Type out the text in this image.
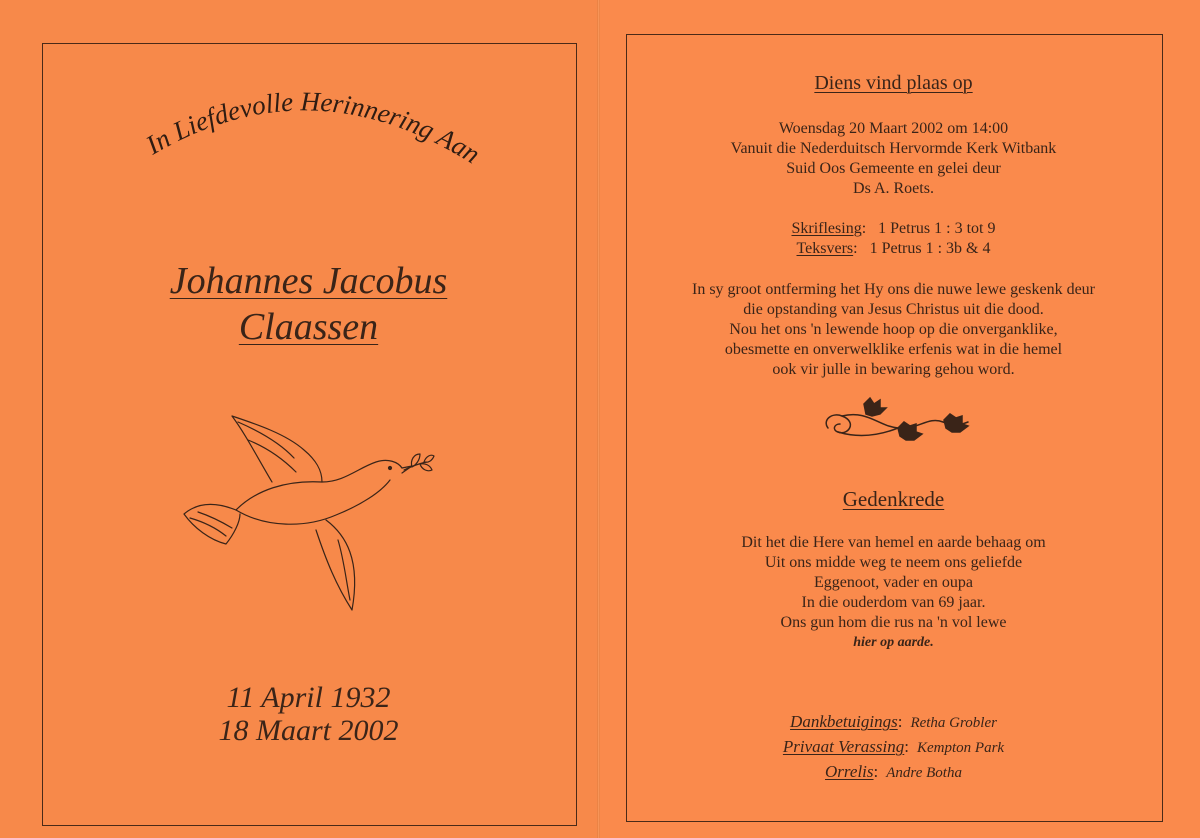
In Liefdevolle Herinnering Aan
Johannes Jacobus
Claassen
11 April 1932
18 Maart 2002
Diens vind plaas op
Woensdag 20 Maart 2002 om 14:00
Vanuit die Nederduitsch Hervormde Kerk Witbank
Suid Oos Gemeente en gelei deur
Ds A. Roets.
Skriflesing:   1 Petrus 1 : 3 tot 9
Teksvers:   1 Petrus 1 : 3b & 4
In sy groot ontferming het Hy ons die nuwe lewe geskenk deur
die opstanding van Jesus Christus uit die dood.
Nou het ons 'n lewende hoop op die onverganklike,
obesmette en onverwelklike erfenis wat in die hemel
ook vir julle in bewaring gehou word.
Gedenkrede
Dit het die Here van hemel en aarde behaag om
Uit ons midde weg te neem ons geliefde
Eggenoot, vader en oupa
In die ouderdom van 69 jaar.
Ons gun hom die rus na 'n vol lewe
hier op aarde.
Dankbetuigings: Retha Grobler
Privaat Verassing: Kempton Park
Orrelis: Andre Botha
